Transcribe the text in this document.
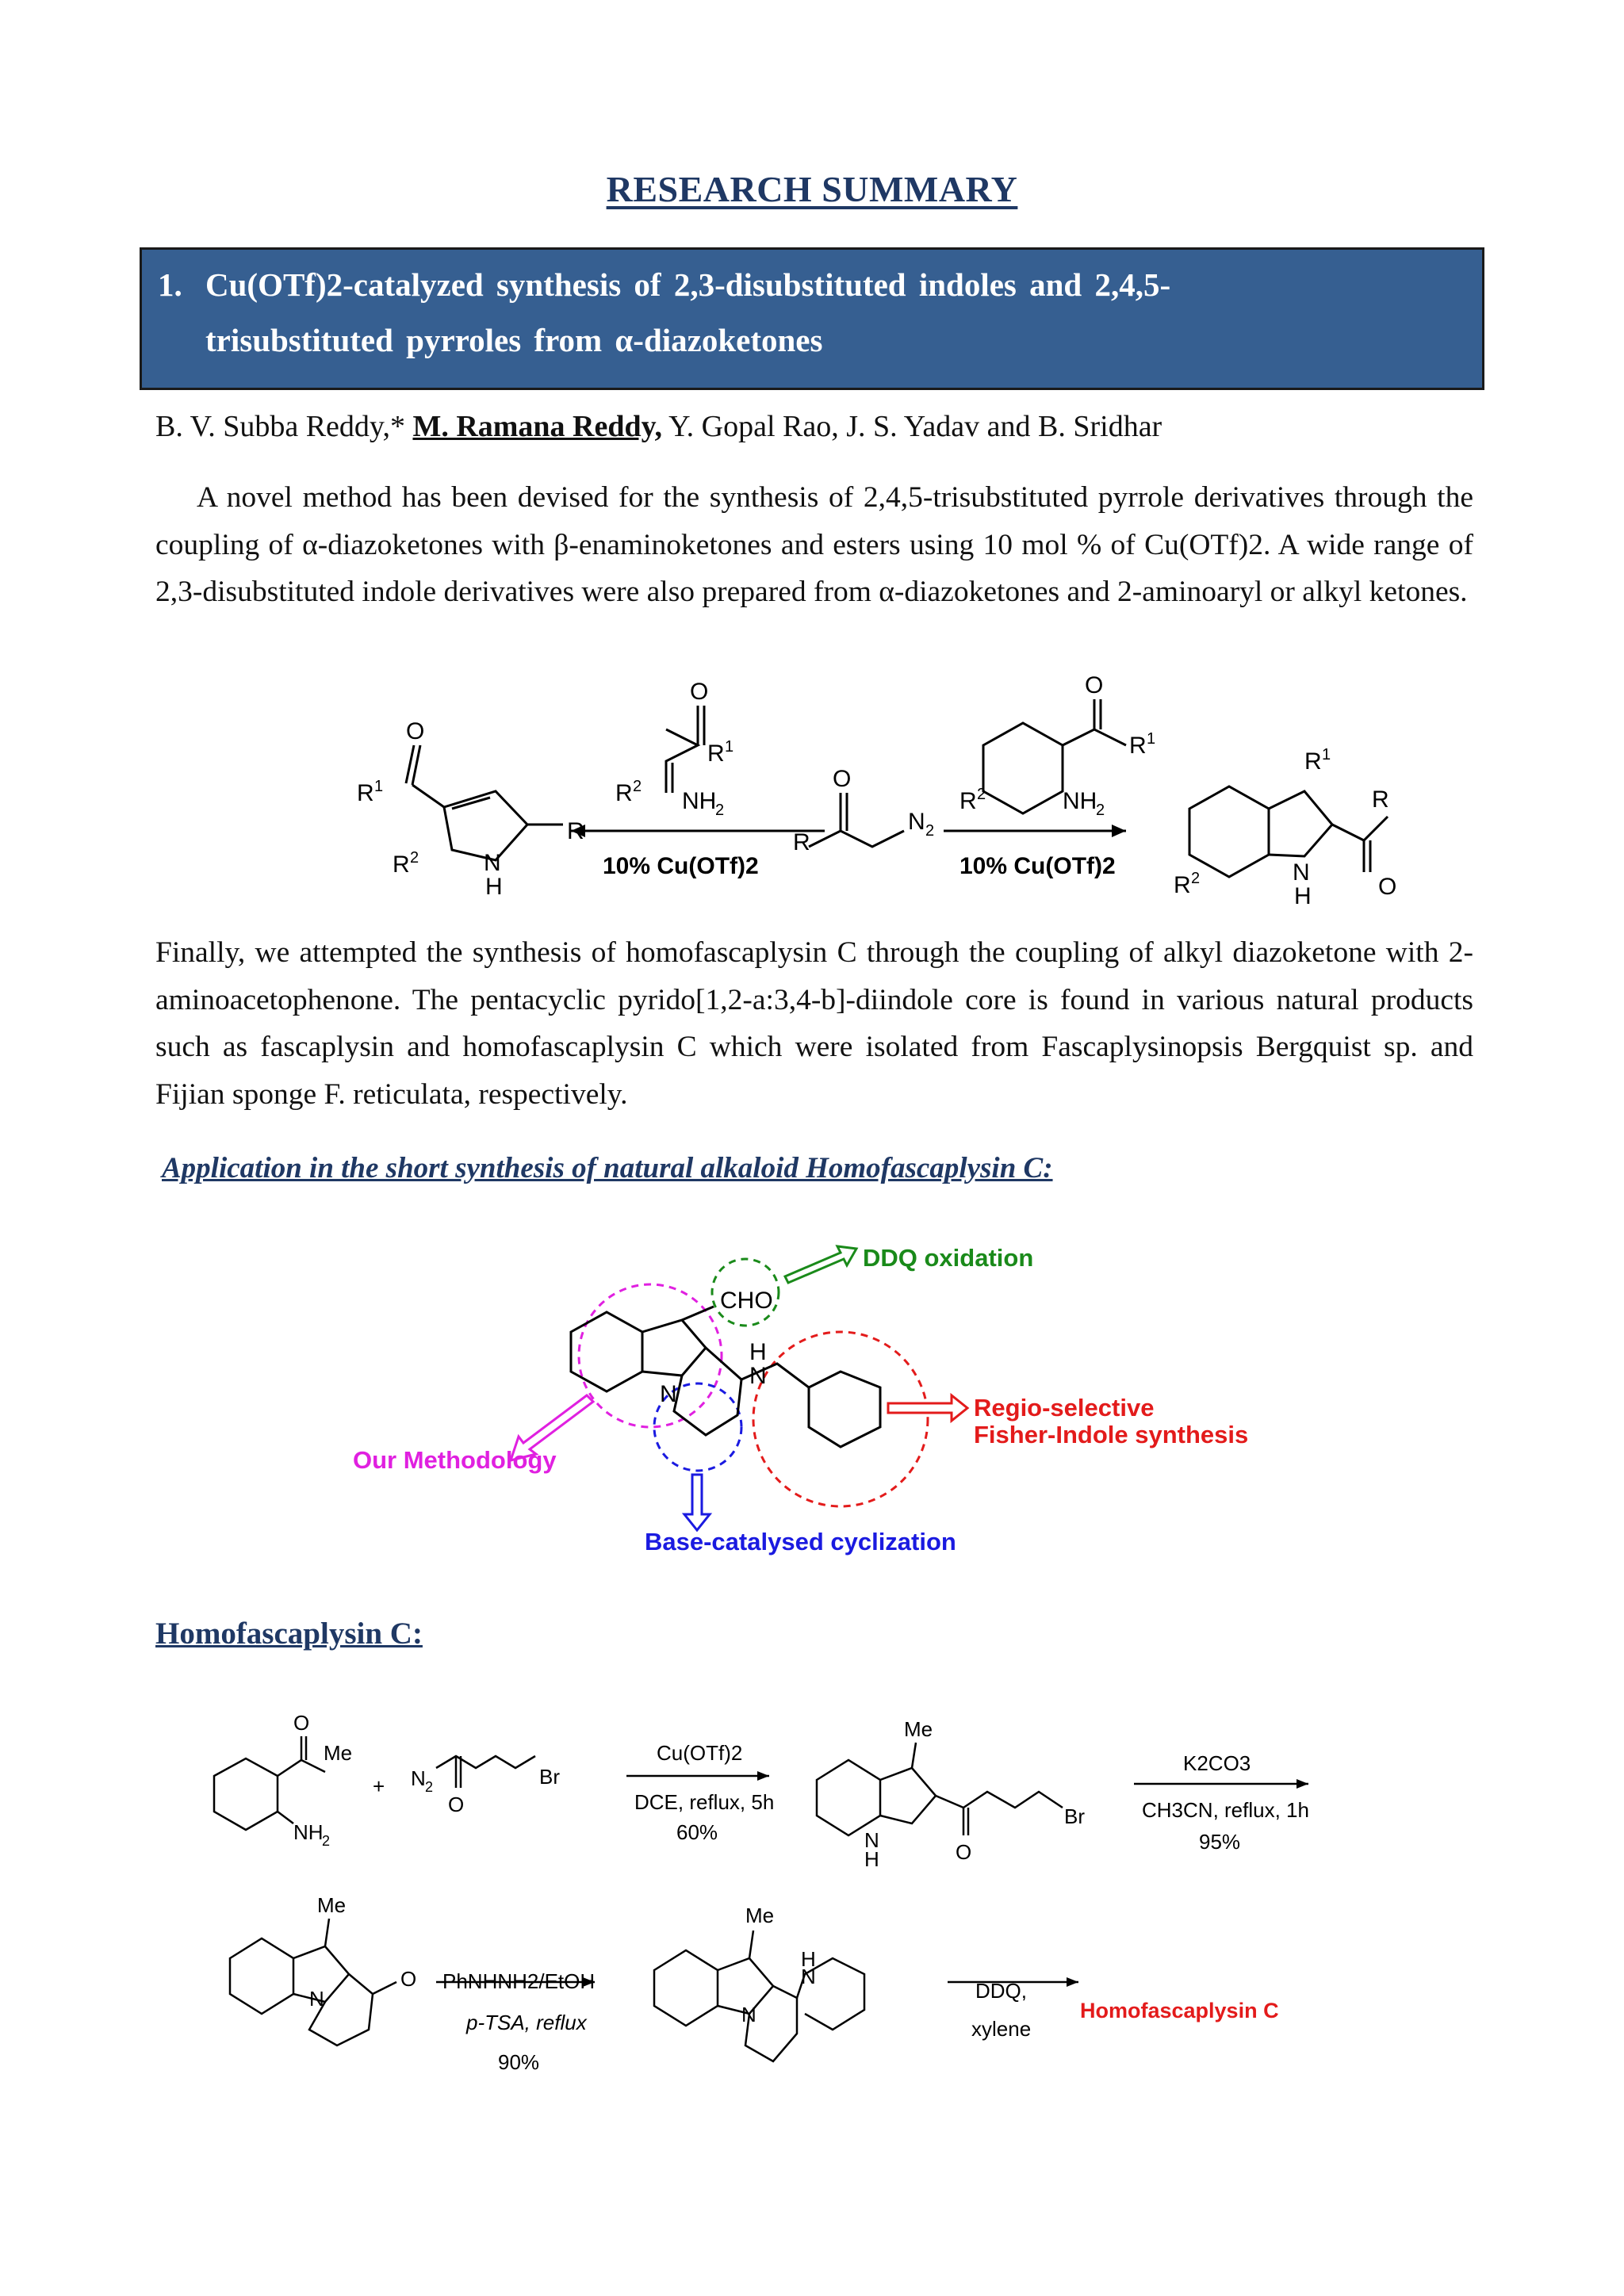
RESEARCH SUMMARY
1. Cu(OTf)2-catalyzed synthesis of 2,3-disubstituted indoles and 2,4,5-
trisubstituted pyrroles from α-diazoketones
B. V. Subba Reddy,* M. Ramana Reddy, Y. Gopal Rao, J. S. Yadav and B. Sridhar

A novel method has been devised for the synthesis of 2,4,5-trisubstituted pyrrole derivatives through the coupling of α-diazoketones with β-enaminoketones and esters using 10 mol % of Cu(OTf)2. A wide range of 2,3-disubstituted indole derivatives were also prepared from α-diazoketones and 2-aminoaryl or alkyl ketones.

O
R 1
R 2	N
H
R
O
R 1
R 2
NH
2
O
R
N 2
O
R 1
R 2	NH
2
R 1
R
O
N
H
R 2
10% Cu(OTf)2	10% Cu(OTf)2

Finally, we attempted the synthesis of homofascaplysin C through the coupling of alkyl diazoketone with 2-aminoacetophenone. The pentacyclic pyrido[1,2-a:3,4-b]-diindole core is found in various natural products such as fascaplysin and homofascaplysin C which were isolated from Fascaplysinopsis Bergquist sp. and Fijian sponge F. reticulata, respectively.

Application in the short synthesis of natural alkaloid Homofascaplysin C:
CHO
H
N
N
DDQ oxidation
Regio-selective
Fisher-Indole synthesis
Our Methodology
Base-catalysed cyclization
Homofascaplysin C:
O
Me
NH
2
+ N 2	Br
O
Me
N
H	O
Br
Me
O
N
Me
H
N
N
Cu(OTf)2
DCE, reflux, 5h
60%
K2CO3
CH3CN, reflux, 1h
95%
PhNHNH2/EtOH
p-TSA, reflux
90%
DDQ,
xylene
Homofascaplysin C
